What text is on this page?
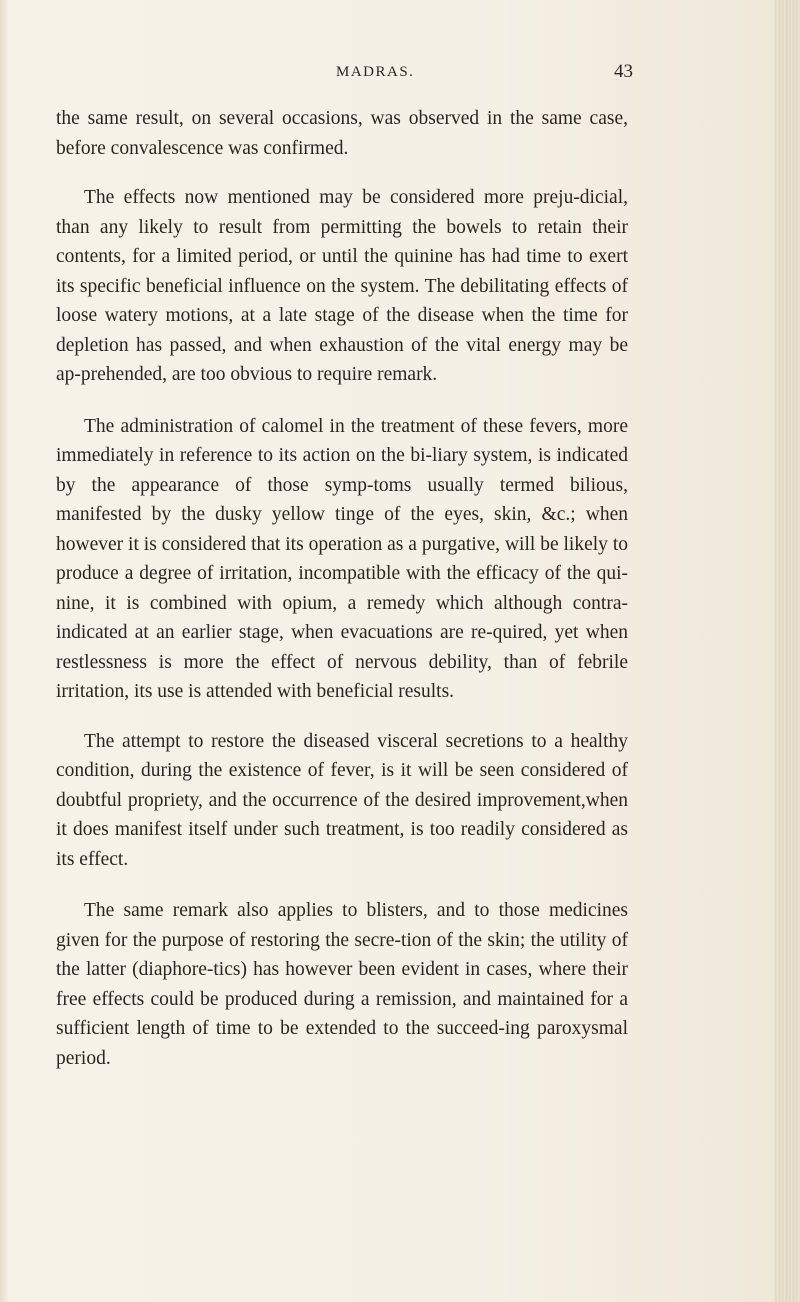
MADRAS.	43

the same result, on several occasions, was observed in the same case, before convalescence was confirmed.

The effects now mentioned may be considered more preju-dicial, than any likely to result from permitting the bowels to retain their contents, for a limited period, or until the quinine has had time to exert its specific beneficial influence on the system. The debilitating effects of loose watery motions, at a late stage of the disease when the time for depletion has passed, and when exhaustion of the vital energy may be ap-prehended, are too obvious to require remark.

The administration of calomel in the treatment of these fevers, more immediately in reference to its action on the bi-liary system, is indicated by the appearance of those symp-toms usually termed bilious, manifested by the dusky yellow tinge of the eyes, skin, &c.; when however it is considered that its operation as a purgative, will be likely to produce a degree of irritation, incompatible with the efficacy of the qui-nine, it is combined with opium, a remedy which although contra-indicated at an earlier stage, when evacuations are re-quired, yet when restlessness is more the effect of nervous debility, than of febrile irritation, its use is attended with beneficial results.

The attempt to restore the diseased visceral secretions to a healthy condition, during the existence of fever, is it will be seen considered of doubtful propriety, and the occurrence of the desired improvement,when it does manifest itself under such treatment, is too readily considered as its effect.

The same remark also applies to blisters, and to those medicines given for the purpose of restoring the secre-tion of the skin; the utility of the latter (diaphore-tics) has however been evident in cases, where their free effects could be produced during a remission, and maintained for a sufficient length of time to be extended to the succeed-ing paroxysmal period.
